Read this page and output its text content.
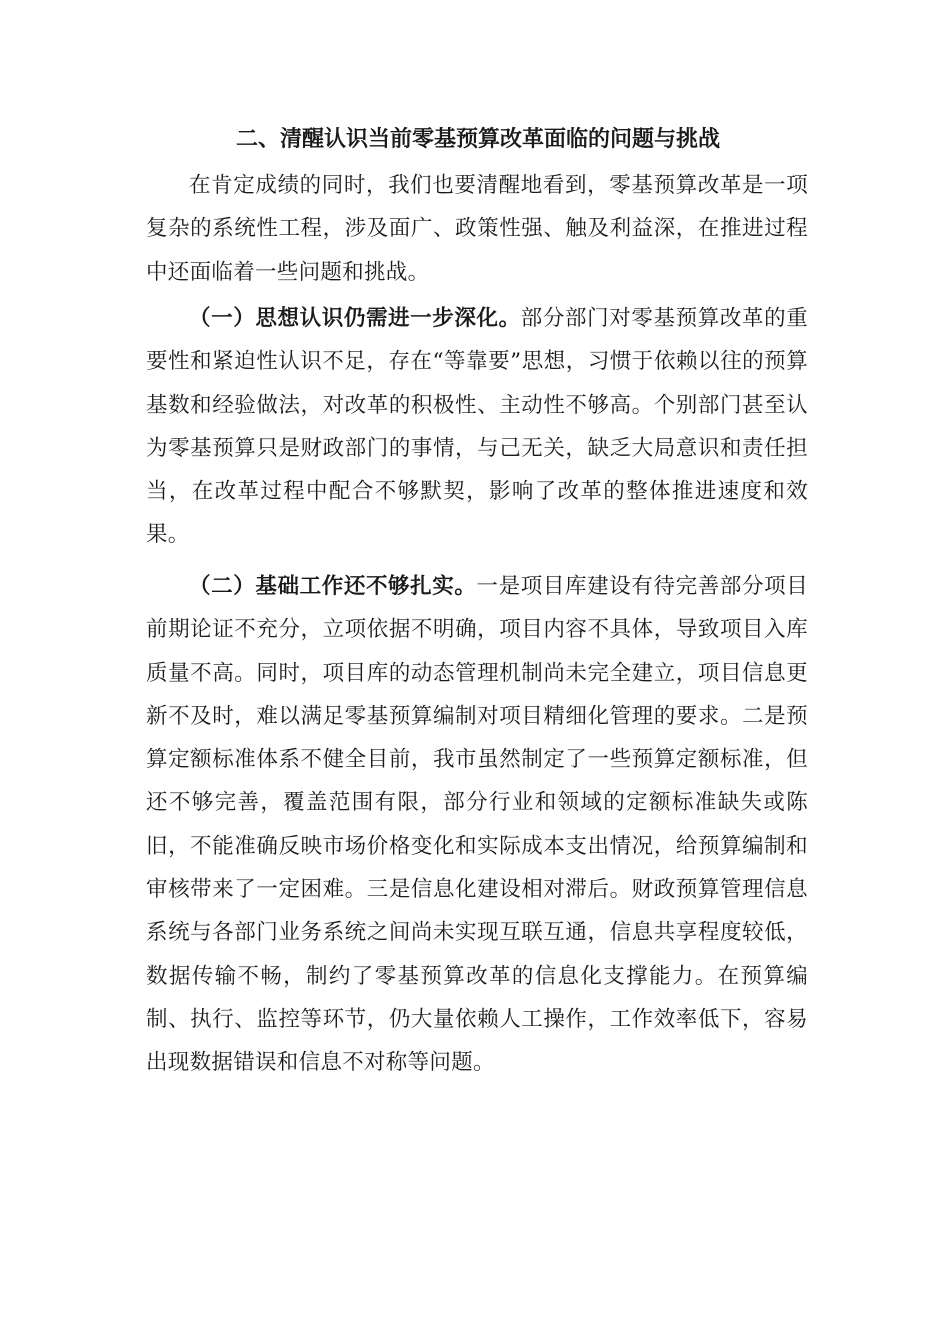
二、清醒认识当前零基预算改革面临的问题与挑战

在肯定成绩的同时，我们也要清醒地看到，零基预算改革是一项复杂的系统性工程，涉及面广、政策性强、触及利益深，在推进过程中还面临着一些问题和挑战。

（一）思想认识仍需进一步深化。部分部门对零基预算改革的重要性和紧迫性认识不足，存在“等靠要”思想，习惯于依赖以往的预算基数和经验做法，对改革的积极性、主动性不够高。个别部门甚至认为零基预算只是财政部门的事情，与己无关，缺乏大局意识和责任担当，在改革过程中配合不够默契，影响了改革的整体推进速度和效果。

（二）基础工作还不够扎实。一是项目库建设有待完善部分项目前期论证不充分，立项依据不明确，项目内容不具体，导致项目入库质量不高。同时，项目库的动态管理机制尚未完全建立，项目信息更新不及时，难以满足零基预算编制对项目精细化管理的要求。二是预算定额标准体系不健全目前，我市虽然制定了一些预算定额标准，但还不够完善，覆盖范围有限，部分行业和领域的定额标准缺失或陈旧，不能准确反映市场价格变化和实际成本支出情况，给预算编制和审核带来了一定困难。三是信息化建设相对滞后。财政预算管理信息系统与各部门业务系统之间尚未实现互联互通，信息共享程度较低，数据传输不畅，制约了零基预算改革的信息化支撑能力。在预算编制、执行、监控等环节，仍大量依赖人工操作，工作效率低下，容易出现数据错误和信息不对称等问题。
